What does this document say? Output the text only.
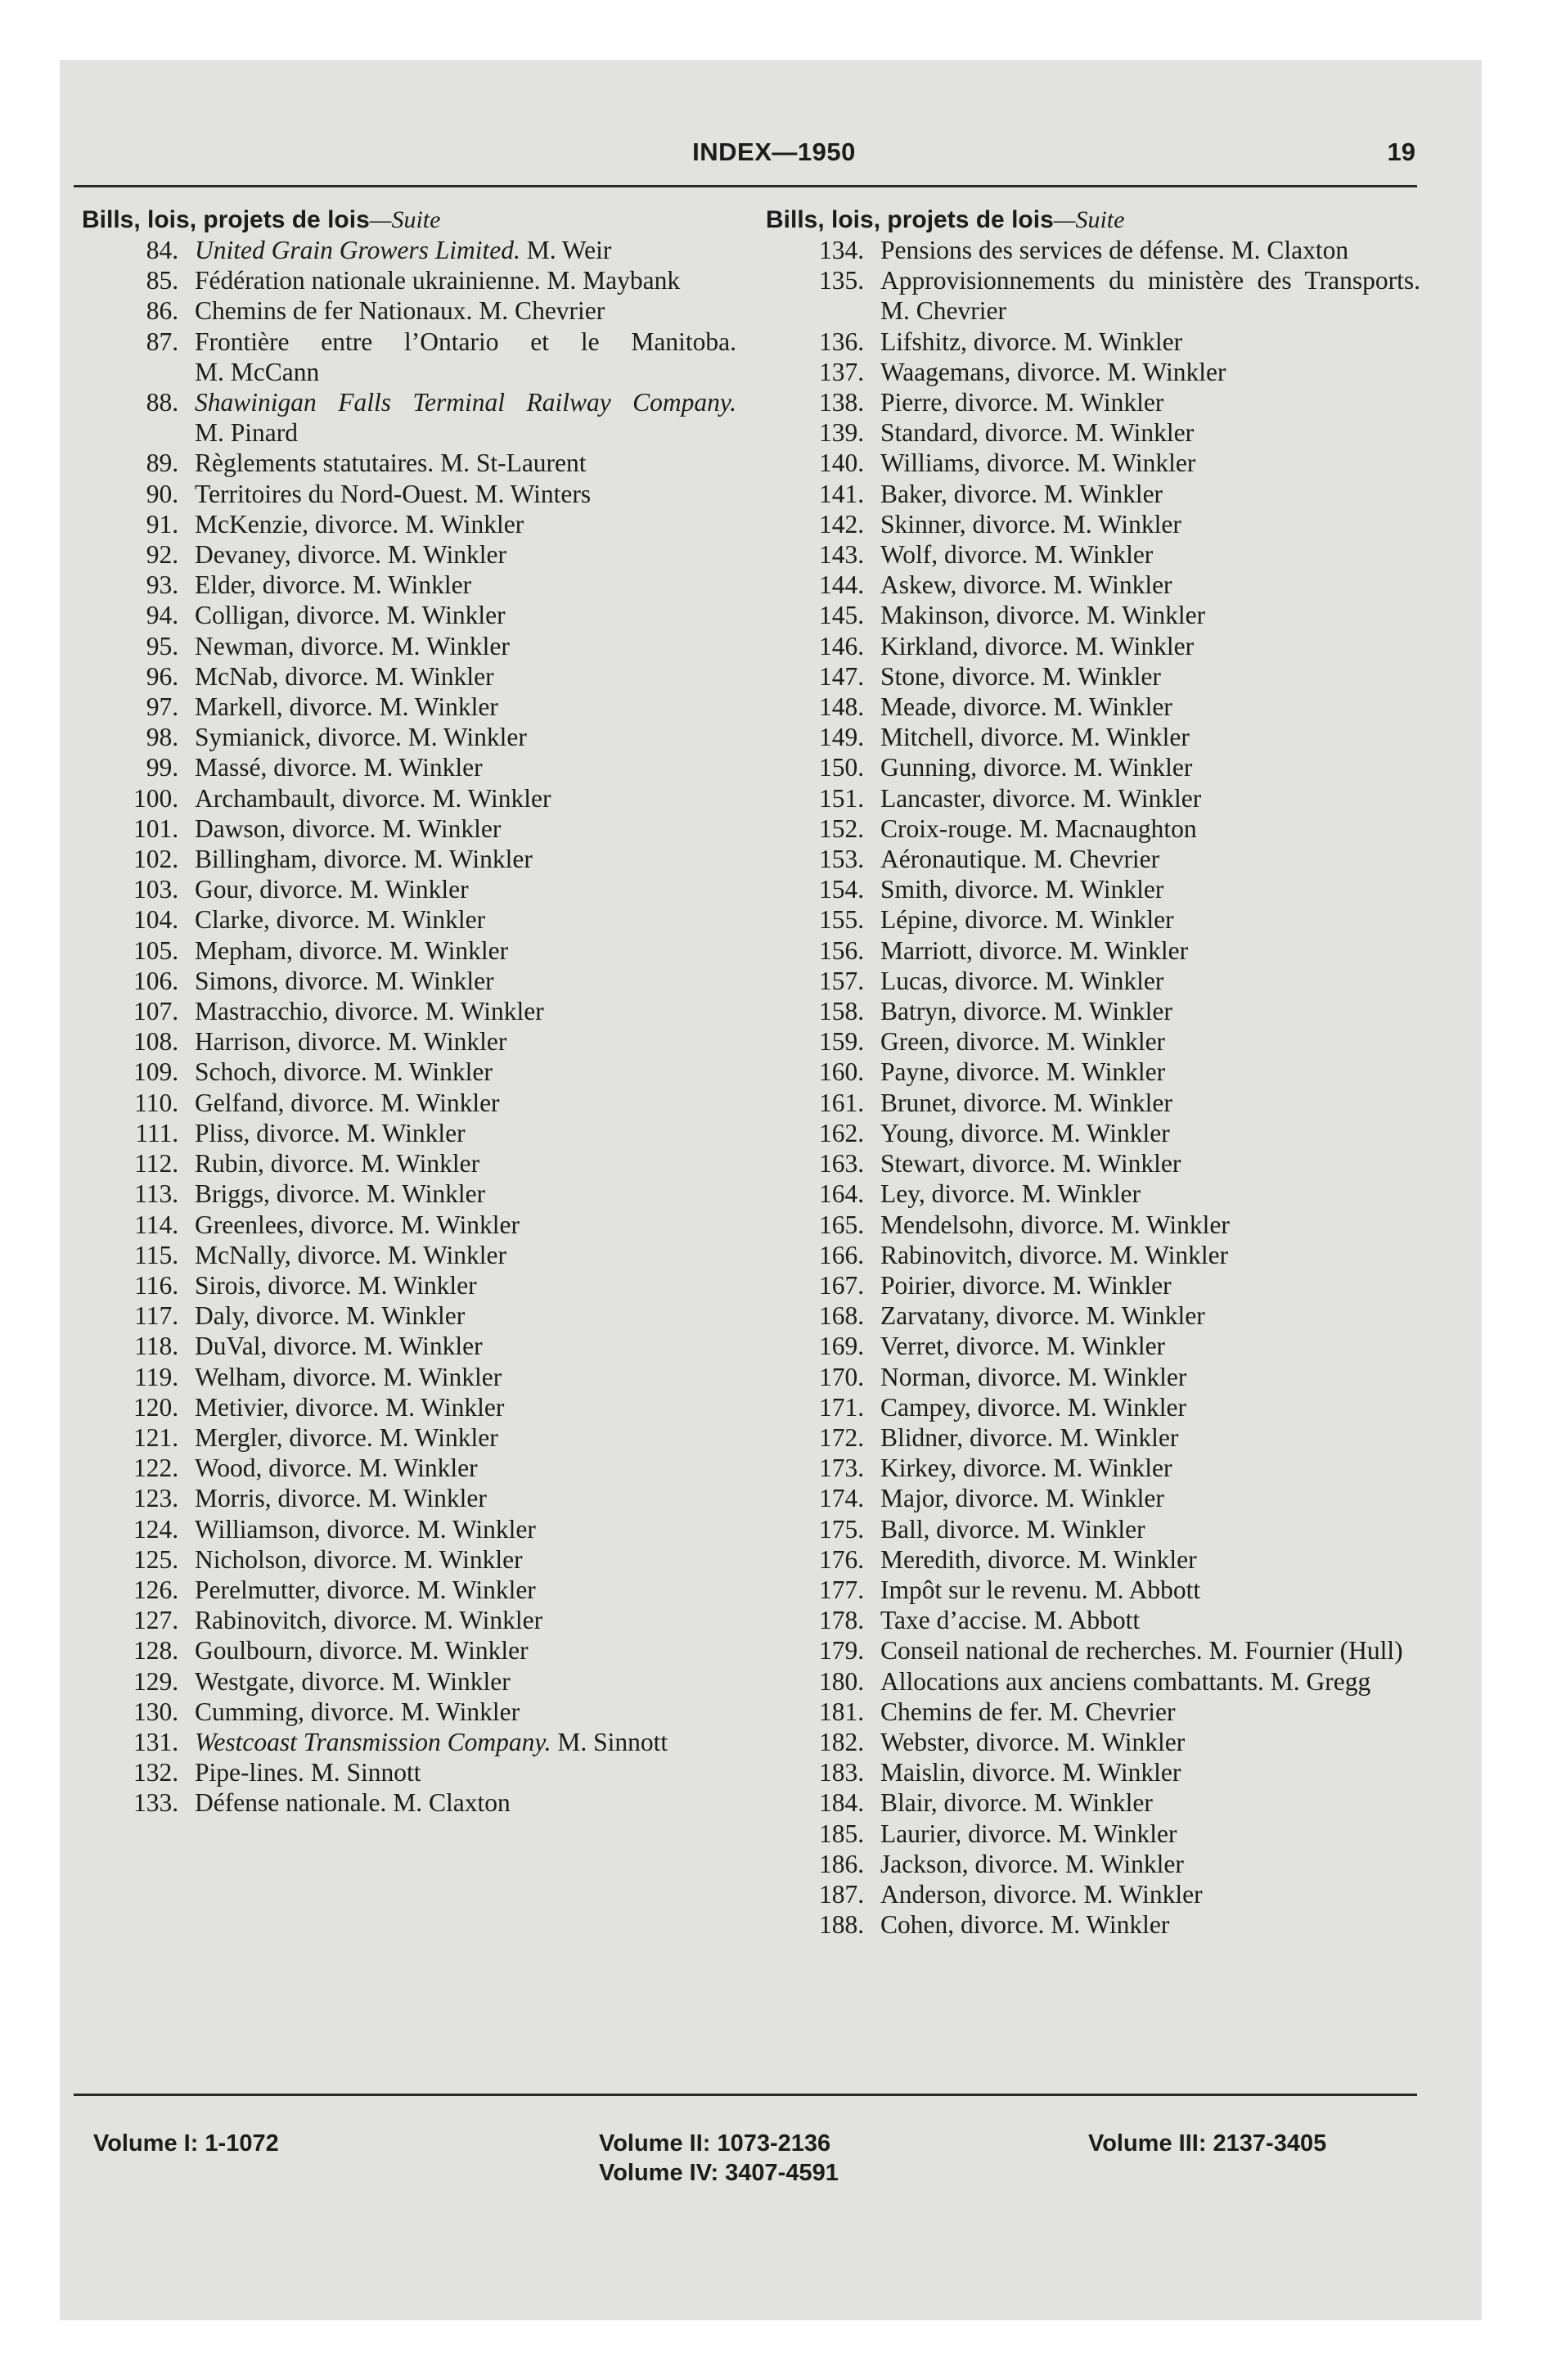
INDEX—1950	19
Bills, lois, projets de lois—Suite
84 . United Grain Growers Limited. M. Weir
85 . Fédération nationale ukrainienne. M. Maybank
86 . Chemins de fer Nationaux. M. Chevrier
87 . Frontière entre l’Ontario et le Manitoba. M. McCann
88 . Shawinigan Falls Terminal Railway Company. M. Pinard
89 . Règlements statutaires. M. St-Laurent
90 . Territoires du Nord-Ouest. M. Winters
91 . McKenzie, divorce. M. Winkler
92 . Devaney, divorce. M. Winkler
93 . Elder, divorce. M. Winkler
94 . Colligan, divorce. M. Winkler
95 . Newman, divorce. M. Winkler
96 . McNab, divorce. M. Winkler
97 . Markell, divorce. M. Winkler
98 . Symianick, divorce. M. Winkler
99 . Massé, divorce. M. Winkler
100 . Archambault, divorce. M. Winkler
101 . Dawson, divorce. M. Winkler
102 . Billingham, divorce. M. Winkler
103 . Gour, divorce. M. Winkler
104 . Clarke, divorce. M. Winkler
105 . Mepham, divorce. M. Winkler
106 . Simons, divorce. M. Winkler
107 . Mastracchio, divorce. M. Winkler
108 . Harrison, divorce. M. Winkler
109 . Schoch, divorce. M. Winkler
110 . Gelfand, divorce. M. Winkler
111 . Pliss, divorce. M. Winkler
112 . Rubin, divorce. M. Winkler
113 . Briggs, divorce. M. Winkler
114 . Greenlees, divorce. M. Winkler
115 . McNally, divorce. M. Winkler
116 . Sirois, divorce. M. Winkler
117 . Daly, divorce. M. Winkler
118 . DuVal, divorce. M. Winkler
119 . Welham, divorce. M. Winkler
120 . Metivier, divorce. M. Winkler
121 . Mergler, divorce. M. Winkler
122 . Wood, divorce. M. Winkler
123 . Morris, divorce. M. Winkler
124 . Williamson, divorce. M. Winkler
125 . Nicholson, divorce. M. Winkler
126 . Perelmutter, divorce. M. Winkler
127 . Rabinovitch, divorce. M. Winkler
128 . Goulbourn, divorce. M. Winkler
129 . Westgate, divorce. M. Winkler
130 . Cumming, divorce. M. Winkler
131 . Westcoast Transmission Company. M. Sinnott
132 . Pipe-lines. M. Sinnott
133 . Défense nationale. M. Claxton
Bills, lois, projets de lois—Suite
134 . Pensions des services de défense. M. Claxton
135 . Approvisionnements du ministère des Transports. M. Chevrier
136 . Lifshitz, divorce. M. Winkler
137 . Waagemans, divorce. M. Winkler
138 . Pierre, divorce. M. Winkler
139 . Standard, divorce. M. Winkler
140 . Williams, divorce. M. Winkler
141 . Baker, divorce. M. Winkler
142 . Skinner, divorce. M. Winkler
143 . Wolf, divorce. M. Winkler
144 . Askew, divorce. M. Winkler
145 . Makinson, divorce. M. Winkler
146 . Kirkland, divorce. M. Winkler
147 . Stone, divorce. M. Winkler
148 . Meade, divorce. M. Winkler
149 . Mitchell, divorce. M. Winkler
150 . Gunning, divorce. M. Winkler
151 . Lancaster, divorce. M. Winkler
152 . Croix-rouge. M. Macnaughton
153 . Aéronautique. M. Chevrier
154 . Smith, divorce. M. Winkler
155 . Lépine, divorce. M. Winkler
156 . Marriott, divorce. M. Winkler
157 . Lucas, divorce. M. Winkler
158 . Batryn, divorce. M. Winkler
159 . Green, divorce. M. Winkler
160 . Payne, divorce. M. Winkler
161 . Brunet, divorce. M. Winkler
162 . Young, divorce. M. Winkler
163 . Stewart, divorce. M. Winkler
164 . Ley, divorce. M. Winkler
165 . Mendelsohn, divorce. M. Winkler
166 . Rabinovitch, divorce. M. Winkler
167 . Poirier, divorce. M. Winkler
168 . Zarvatany, divorce. M. Winkler
169 . Verret, divorce. M. Winkler
170 . Norman, divorce. M. Winkler
171 . Campey, divorce. M. Winkler
172 . Blidner, divorce. M. Winkler
173 . Kirkey, divorce. M. Winkler
174 . Major, divorce. M. Winkler
175 . Ball, divorce. M. Winkler
176 . Meredith, divorce. M. Winkler
177 . Impôt sur le revenu. M. Abbott
178 . Taxe d’accise. M. Abbott
179 . Conseil national de recherches. M. Fournier (Hull)
180 . Allocations aux anciens combattants. M. Gregg
181 . Chemins de fer. M. Chevrier
182 . Webster, divorce. M. Winkler
183 . Maislin, divorce. M. Winkler
184 . Blair, divorce. M. Winkler
185 . Laurier, divorce. M. Winkler
186 . Jackson, divorce. M. Winkler
187 . Anderson, divorce. M. Winkler
188 . Cohen, divorce. M. Winkler
Volume I: 1-1072	Volume II: 1073-2136
Volume IV: 3407-4591
Volume III: 2137-3405
